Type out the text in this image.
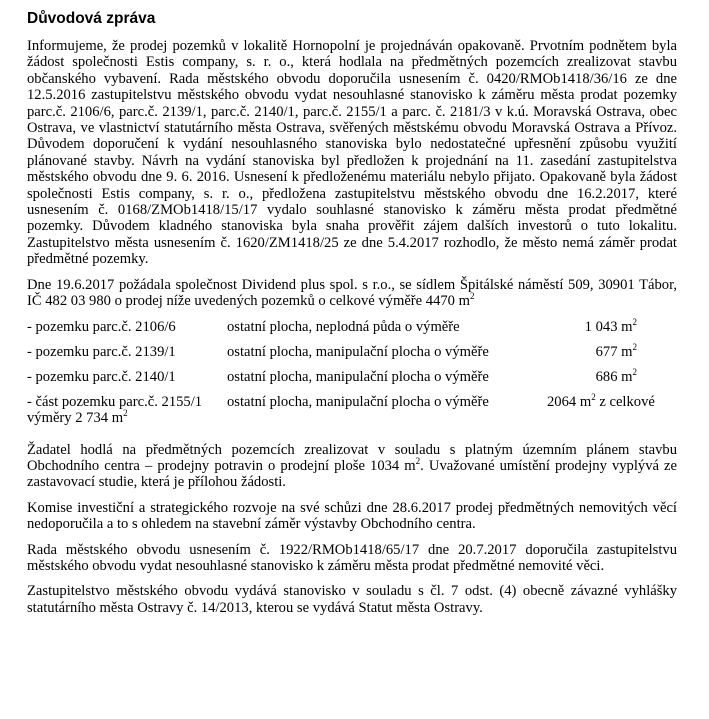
Důvodová zpráva

Informujeme, že prodej pozemků v lokalitě Hornopolní je projednáván opakovaně. Prvotním podnětem byla žádost společnosti Estis company, s. r. o., která hodlala na předmětných pozemcích zrealizovat stavbu občanského vybavení. Rada městského obvodu doporučila usnesením č. 0420/RMOb1418/36/16 ze dne 12.5.2016 zastupitelstvu městského obvodu vydat nesouhlasné stanovisko k záměru města prodat pozemky parc.č. 2106/6, parc.č. 2139/1, parc.č. 2140/1, parc.č. 2155/1 a parc. č. 2181/3 v k.ú. Moravská Ostrava, obec Ostrava, ve vlastnictví statutárního města Ostrava, svěřených městskému obvodu Moravská Ostrava a Přívoz. Důvodem doporučení k vydání nesouhlasného stanoviska bylo nedostatečné upřesnění způsobu využití plánované stavby. Návrh na vydání stanoviska byl předložen k projednání na 11. zasedání zastupitelstva městského obvodu dne 9. 6. 2016. Usnesení k předloženému materiálu nebylo přijato. Opakovaně byla žádost společnosti Estis company, s. r. o., předložena zastupitelstvu městského obvodu dne 16.2.2017, které usnesením č. 0168/ZMOb1418/15/17 vydalo souhlasné stanovisko k záměru města prodat předmětné pozemky. Důvodem kladného stanoviska byla snaha prověřit zájem dalších investorů o tuto lokalitu. Zastupitelstvo města usnesením č. 1620/ZM1418/25 ze dne 5.4.2017 rozhodlo, že město nemá záměr prodat předmětné pozemky.

Dne 19.6.2017 požádala společnost Dividend plus spol. s r.o., se sídlem Špitálské náměstí 509, 30901 Tábor, IČ 482 03 980 o prodej níže uvedených pozemků o celkové výměře 4470 $m^2$

- pozemku parc.č. 2106/6	ostatní plocha, neplodná půda o výměře	1 043 $m^2$
- pozemku parc.č. 2139/1	ostatní plocha, manipulační plocha o výměře	677 $m^2$
- pozemku parc.č. 2140/1	ostatní plocha, manipulační plocha o výměře	686 $m^2$
- část pozemku parc.č. 2155/1	ostatní plocha, manipulační plocha o výměře	2064 $m^2$ z celkové
výměry 2 734 $m^2$

Žadatel hodlá na předmětných pozemcích zrealizovat v souladu s platným územním plánem stavbu Obchodního centra – prodejny potravin o prodejní ploše 1034 $m^2$. Uvažované umístění prodejny vyplývá ze zastavovací studie, která je přílohou žádosti.

Komise investiční a strategického rozvoje na své schůzi dne 28.6.2017 prodej předmětných nemovitých věcí nedoporučila a to s ohledem na stavební záměr výstavby Obchodního centra.

Rada městského obvodu usnesením č. 1922/RMOb1418/65/17 dne 20.7.2017 doporučila zastupitelstvu městského obvodu vydat nesouhlasné stanovisko k záměru města prodat předmětné nemovité věci.

Zastupitelstvo městského obvodu vydává stanovisko v souladu s čl. 7 odst. (4) obecně závazné vyhlášky statutárního města Ostravy č. 14/2013, kterou se vydává Statut města Ostravy.
